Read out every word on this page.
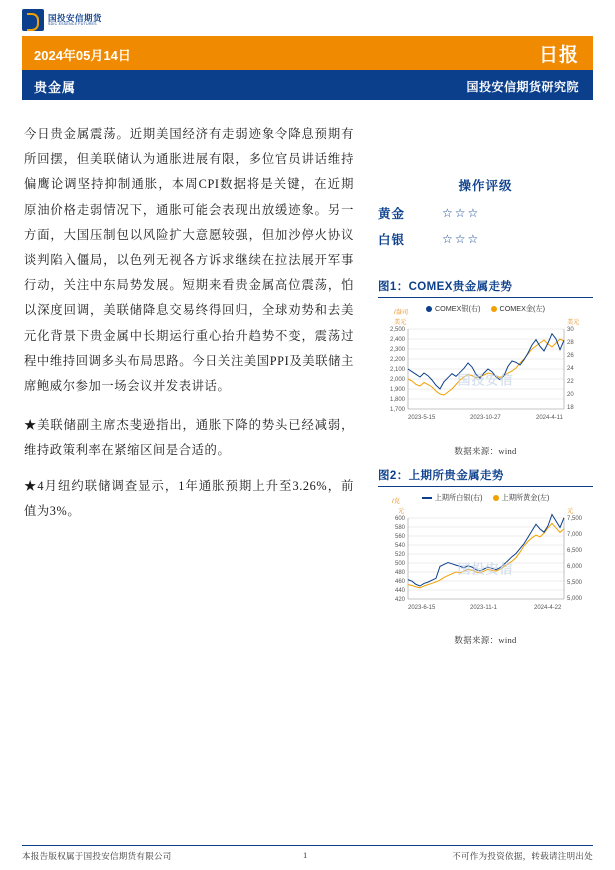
国投安信期货
SDIC ESSENCE FUTURES
2024年05月14日	日报
贵金属	国投安信期货研究院

今日贵金属震荡。近期美国经济有走弱迹象令降息预期有所回摆，但美联储认为通胀进展有限，多位官员讲话维持偏鹰论调坚持抑制通胀，本周CPI数据将是关键，在近期原油价格走弱情况下，通胀可能会表现出放缓迹象。另一方面，大国压制包以风险扩大意愿较强，但加沙停火协议谈判陷入僵局，以色列无视各方诉求继续在拉法展开军事行动，关注中东局势发展。短期来看贵金属高位震荡，怕以深度回调，美联储降息交易终得回归，全球劝势和去美元化背景下贵金属中长期运行重心抬升趋势不变，震荡过程中维持回调多头布局思路。今日关注美国PPI及美联储主席鲍威尔参加一场会议并发表讲话。

★美联储副主席杰斐逊指出，通胀下降的势头已经减弱，维持政策利率在紧缩区间是合适的。

★4月纽约联储调查显示，1年通胀预期上升至3.26%，前值为3%。

操作评级
黄金	☆☆☆
白银	☆☆☆
图1：COMEX贵金属走势
COMEX银(右)	COMEX金(左)
2,500
2,400
2,300
2,200
2,100
2,000
1,900
1,800
1,700
30
28
26
24
22
20
18
美元
/盎司
美元
2023-5-15	2023-10-27	2024-4-11
国投安信
数据来源：wind
图2：上期所贵金属走势
上期所白银(右)	上期所黄金(左)
600
580
560
540
520
500
480
460
440
420
7,500
7,000
6,500
6,000
5,500
5,000
元
/克
元
2023-6-15	2023-11-1	2024-4-22
国投安信
数据来源：wind
本报告版权属于国投安信期货有限公司	1	不可作为投资依据，转载请注明出处
